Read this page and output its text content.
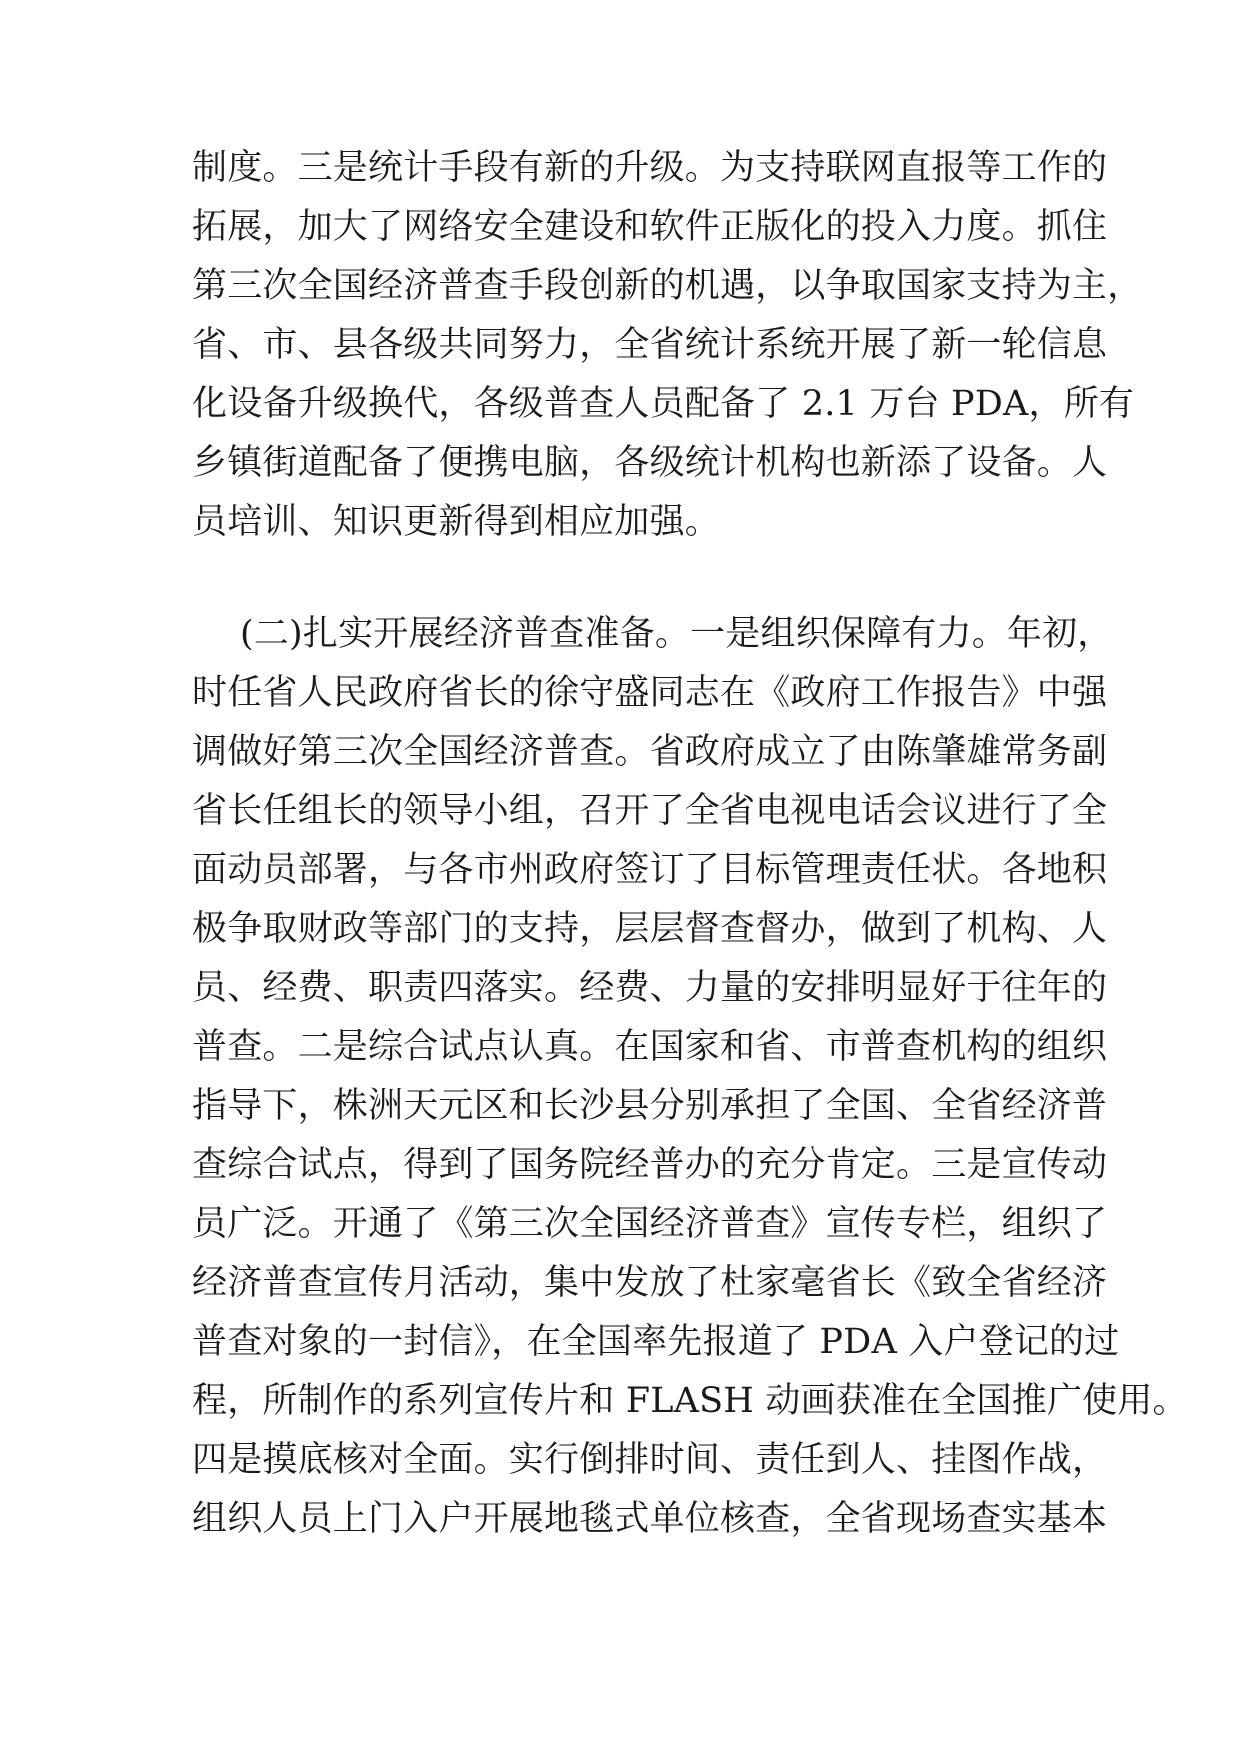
制度。三是统计手段有新的升级。为支持联网直报等工作的
拓展，加大了网络安全建设和软件正版化的投入力度。抓住
第三次全国经济普查手段创新的机遇，以争取国家支持为主，
省、市、县各级共同努力，全省统计系统开展了新一轮信息
化设备升级换代，各级普查人员配备了 2.1 万台 PDA，所有
乡镇街道配备了便携电脑，各级统计机构也新添了设备。人
员培训、知识更新得到相应加强。
(二)扎实开展经济普查准备。一是组织保障有力。年初，
时任省人民政府省长的徐守盛同志在《政府工作报告》中强
调做好第三次全国经济普查。省政府成立了由陈肇雄常务副
省长任组长的领导小组，召开了全省电视电话会议进行了全
面动员部署，与各市州政府签订了目标管理责任状。各地积
极争取财政等部门的支持，层层督查督办，做到了机构、人
员、经费、职责四落实。经费、力量的安排明显好于往年的
普查。二是综合试点认真。在国家和省、市普查机构的组织
指导下，株洲天元区和长沙县分别承担了全国、全省经济普
查综合试点，得到了国务院经普办的充分肯定。三是宣传动
员广泛。开通了《第三次全国经济普查》宣传专栏，组织了
经济普查宣传月活动，集中发放了杜家毫省长《致全省经济
普查对象的一封信》，在全国率先报道了 PDA 入户登记的过
程，所制作的系列宣传片和 FLASH 动画获准在全国推广使用。
四是摸底核对全面。实行倒排时间、责任到人、挂图作战，
组织人员上门入户开展地毯式单位核查，全省现场查实基本
